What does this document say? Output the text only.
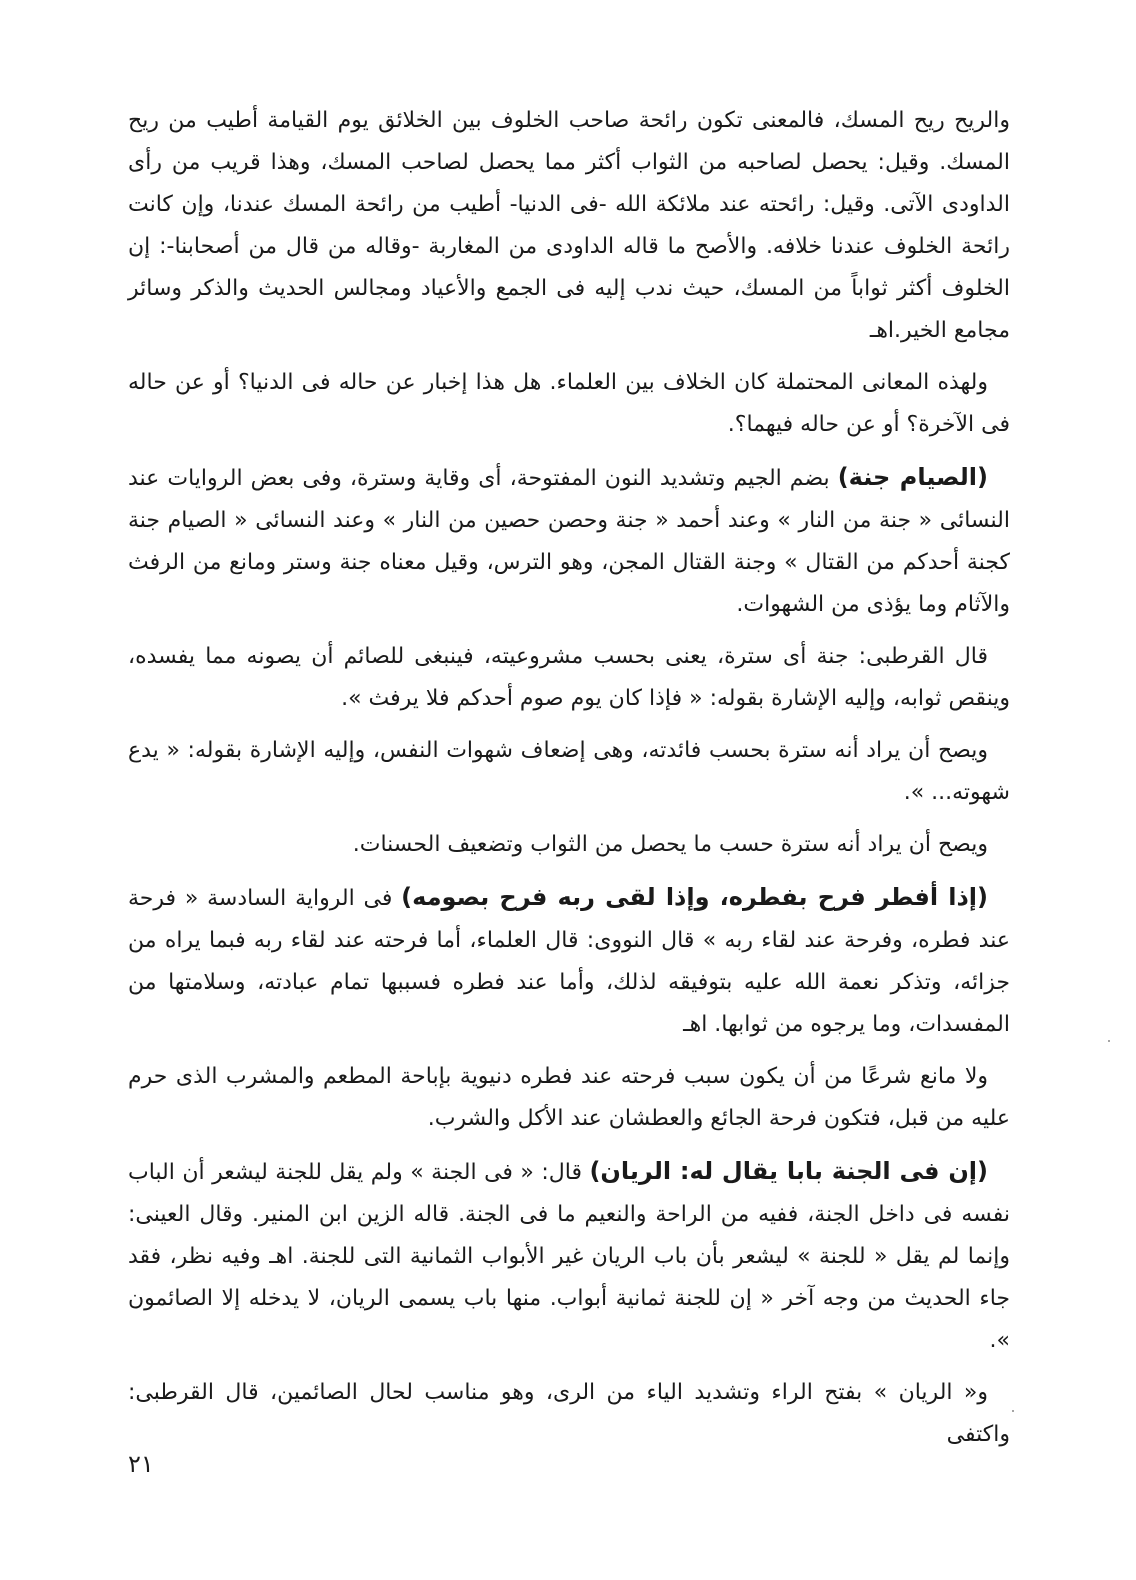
والريح ريح المسك، فالمعنى تكون رائحة صاحب الخلوف بين الخلائق يوم القيامة أطيب من ريح المسك. وقيل: يحصل لصاحبه من الثواب أكثر مما يحصل لصاحب المسك، وهذا قريب من رأى الداودى الآتى. وقيل: رائحته عند ملائكة الله -فى الدنيا- أطيب من رائحة المسك عندنا، وإن كانت رائحة الخلوف عندنا خلافه. والأصح ما قاله الداودى من المغاربة -وقاله من قال من أصحابنا-: إن الخلوف أكثر ثواباً من المسك، حيث ندب إليه فى الجمع والأعياد ومجالس الحديث والذكر وسائر مجامع الخير.اهـ

ولهذه المعانى المحتملة كان الخلاف بين العلماء. هل هذا إخبار عن حاله فى الدنيا؟ أو عن حاله فى الآخرة؟ أو عن حاله فيهما؟.

(الصيام جنة) بضم الجيم وتشديد النون المفتوحة، أى وقاية وسترة، وفى بعض الروايات عند النسائى « جنة من النار » وعند أحمد « جنة وحصن حصين من النار » وعند النسائى « الصيام جنة كجنة أحدكم من القتال » وجنة القتال المجن، وهو الترس، وقيل معناه جنة وستر ومانع من الرفث والآثام وما يؤذى من الشهوات.

قال القرطبى: جنة أى سترة، يعنى بحسب مشروعيته، فينبغى للصائم أن يصونه مما يفسده، وينقص ثوابه، وإليه الإشارة بقوله: « فإذا كان يوم صوم أحدكم فلا يرفث ».

ويصح أن يراد أنه سترة بحسب فائدته، وهى إضعاف شهوات النفس، وإليه الإشارة بقوله: « يدع شهوته... ».

ويصح أن يراد أنه سترة حسب ما يحصل من الثواب وتضعيف الحسنات.

(إذا أفطر فرح بفطره، وإذا لقى ربه فرح بصومه) فى الرواية السادسة « فرحة عند فطره، وفرحة عند لقاء ربه » قال النووى: قال العلماء، أما فرحته عند لقاء ربه فبما يراه من جزائه، وتذكر نعمة الله عليه بتوفيقه لذلك، وأما عند فطره فسببها تمام عبادته، وسلامتها من المفسدات، وما يرجوه من ثوابها. اهـ

ولا مانع شرعًا من أن يكون سبب فرحته عند فطره دنيوية بإباحة المطعم والمشرب الذى حرم عليه من قبل، فتكون فرحة الجائع والعطشان عند الأكل والشرب.

(إن فى الجنة بابا يقال له: الريان) قال: « فى الجنة » ولم يقل للجنة ليشعر أن الباب نفسه فى داخل الجنة، ففيه من الراحة والنعيم ما فى الجنة. قاله الزين ابن المنير. وقال العينى: وإنما لم يقل « للجنة » ليشعر بأن باب الريان غير الأبواب الثمانية التى للجنة. اهـ وفيه نظر، فقد جاء الحديث من وجه آخر « إن للجنة ثمانية أبواب. منها باب يسمى الريان، لا يدخله إلا الصائمون ».

و« الريان » بفتح الراء وتشديد الياء من الرى، وهو مناسب لحال الصائمين، قال القرطبى: واكتفى

٢١
